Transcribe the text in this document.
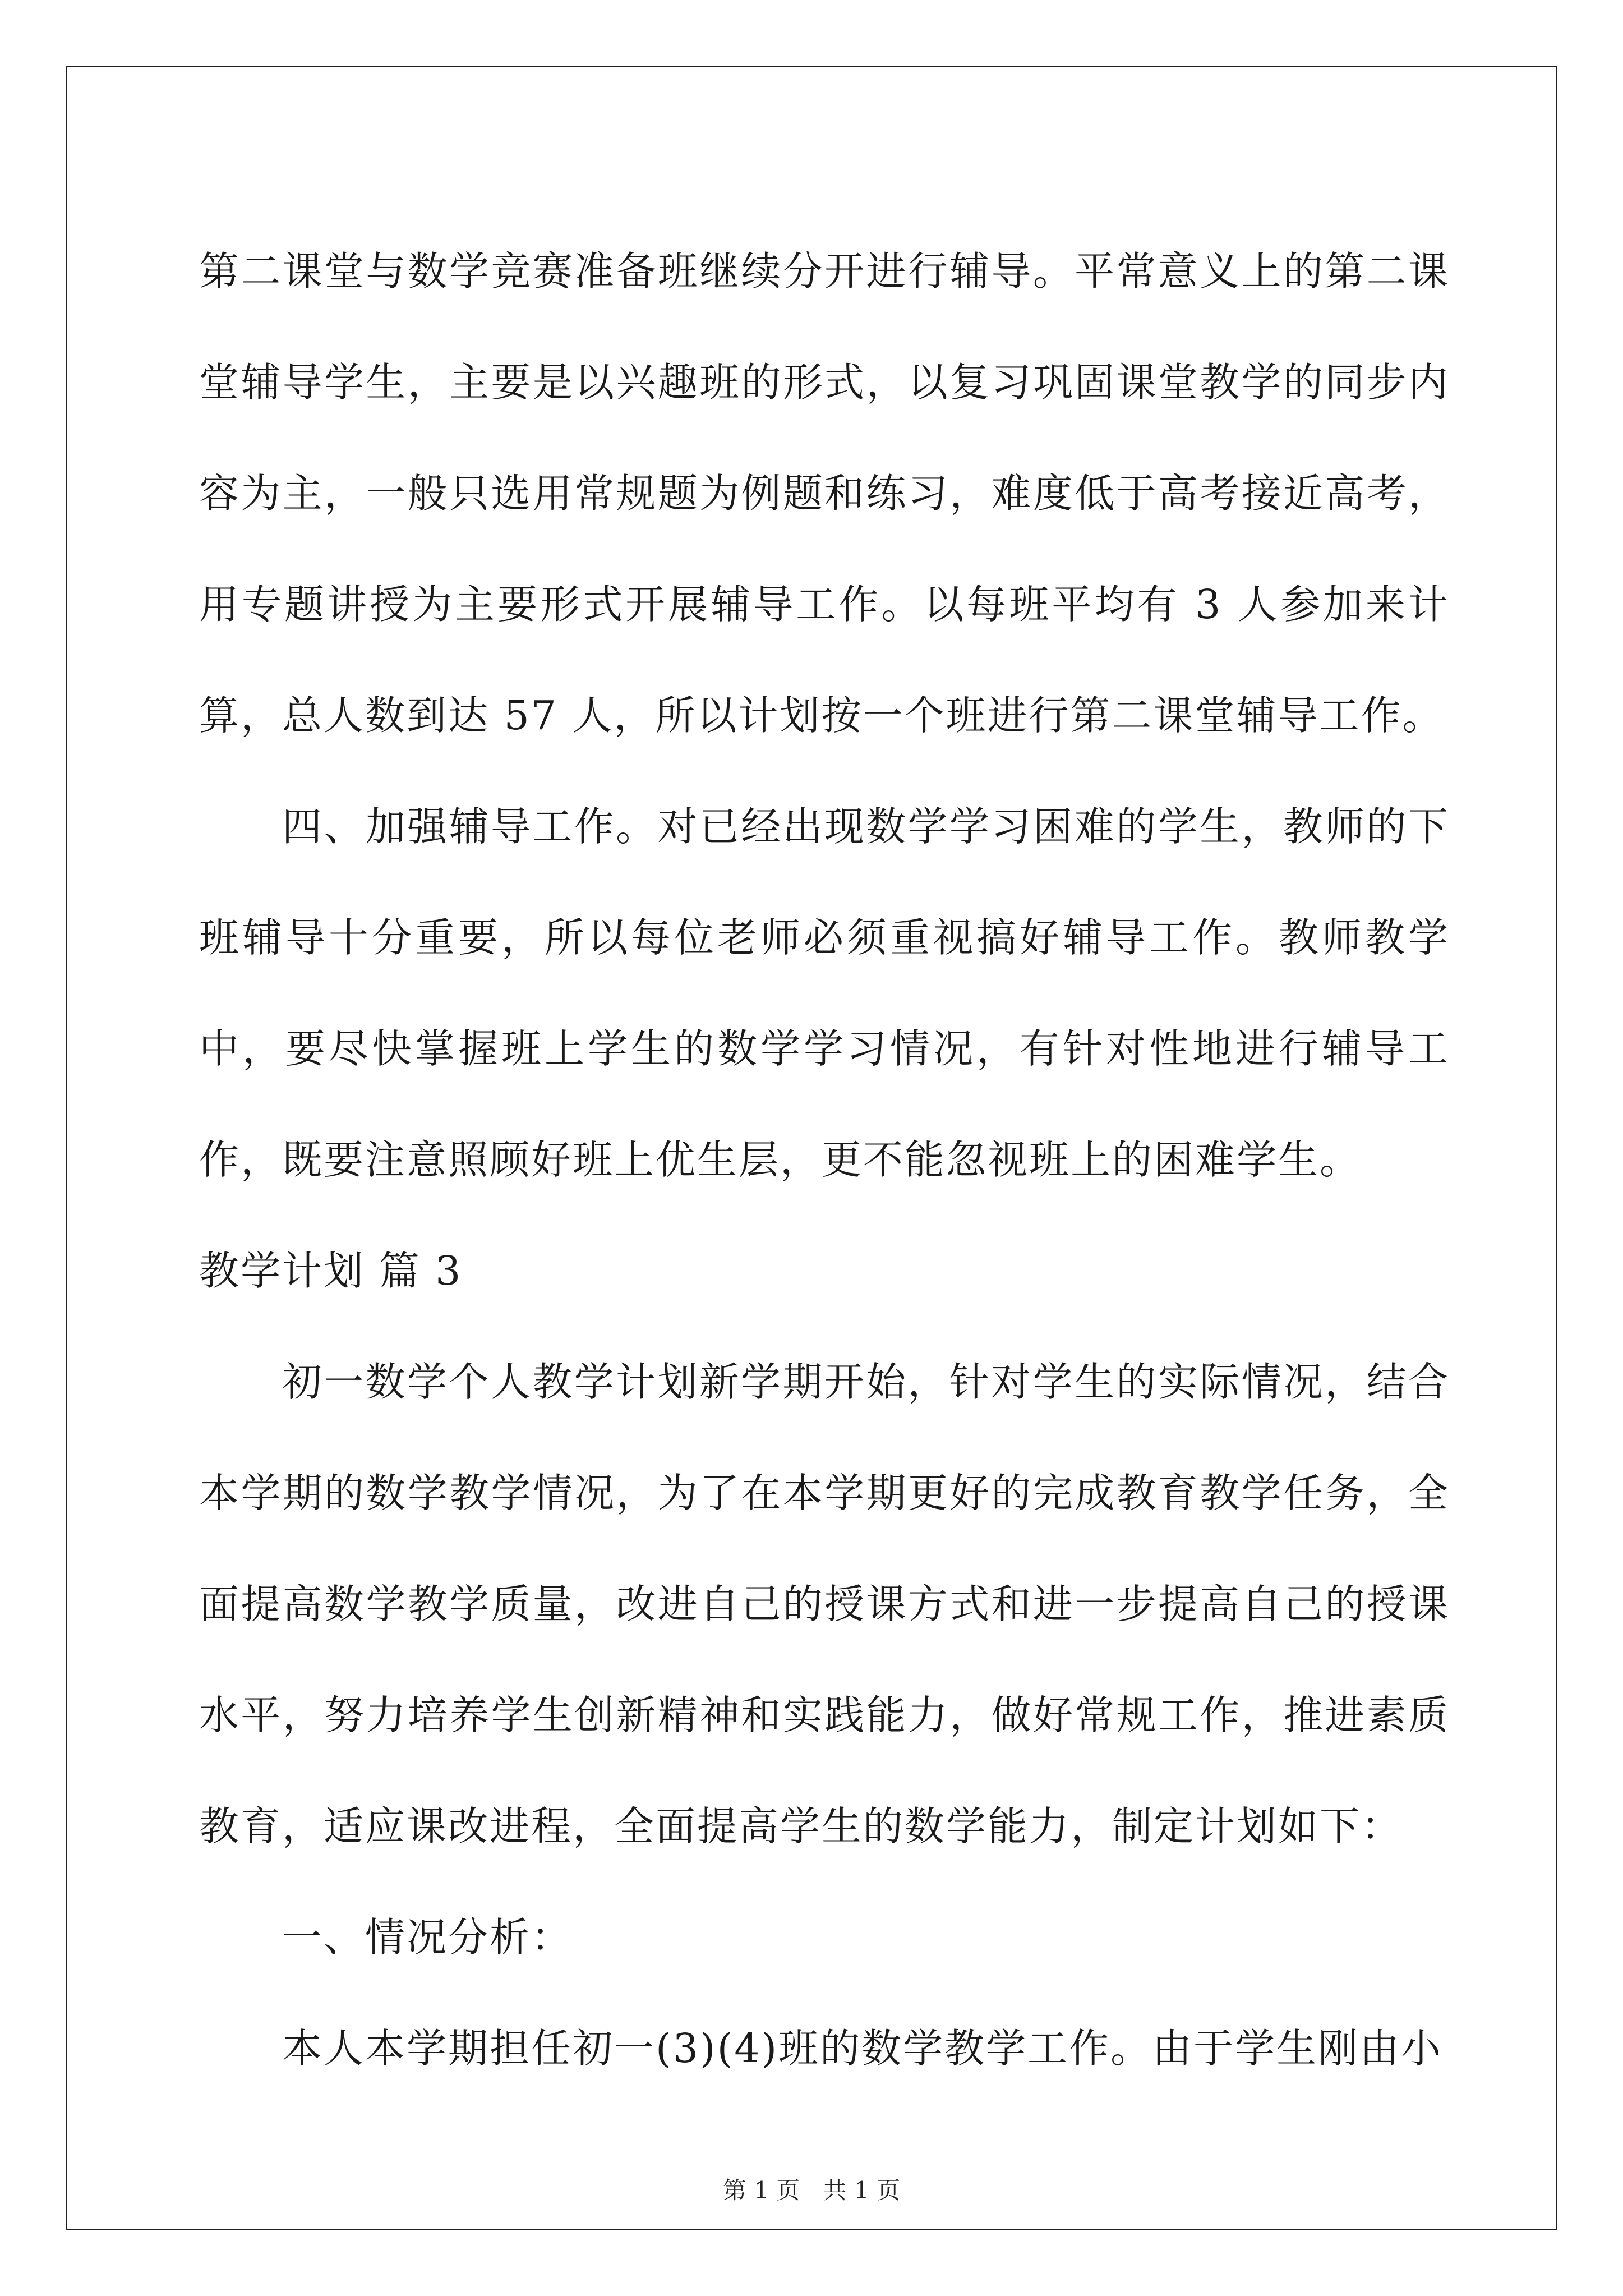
第二课堂与数学竞赛准备班继续分开进行辅导。平常意义上的第二课堂辅导学生，主要是以兴趣班的形式，以复习巩固课堂教学的同步内容为主，一般只选用常规题为例题和练习，难度低于高考接近高考，用专题讲授为主要形式开展辅导工作。以每班平均有 3 人参加来计算，总人数到达 57 人，所以计划按一个班进行第二课堂辅导工作。

四、加强辅导工作。对已经出现数学学习困难的学生，教师的下班辅导十分重要，所以每位老师必须重视搞好辅导工作。教师教学中，要尽快掌握班上学生的数学学习情况，有针对性地进行辅导工作，既要注意照顾好班上优生层，更不能忽视班上的困难学生。

教学计划 篇 3

初一数学个人教学计划新学期开始，针对学生的实际情况，结合本学期的数学教学情况，为了在本学期更好的完成教育教学任务，全面提高数学教学质量，改进自己的授课方式和进一步提高自己的授课水平，努力培养学生创新精神和实践能力，做好常规工作，推进素质教育，适应课改进程，全面提高学生的数学能力，制定计划如下：

一、情况分析：

本人本学期担任初一(3)(4)班的数学教学工作。由于学生刚由小

第 1 页 共 1 页
